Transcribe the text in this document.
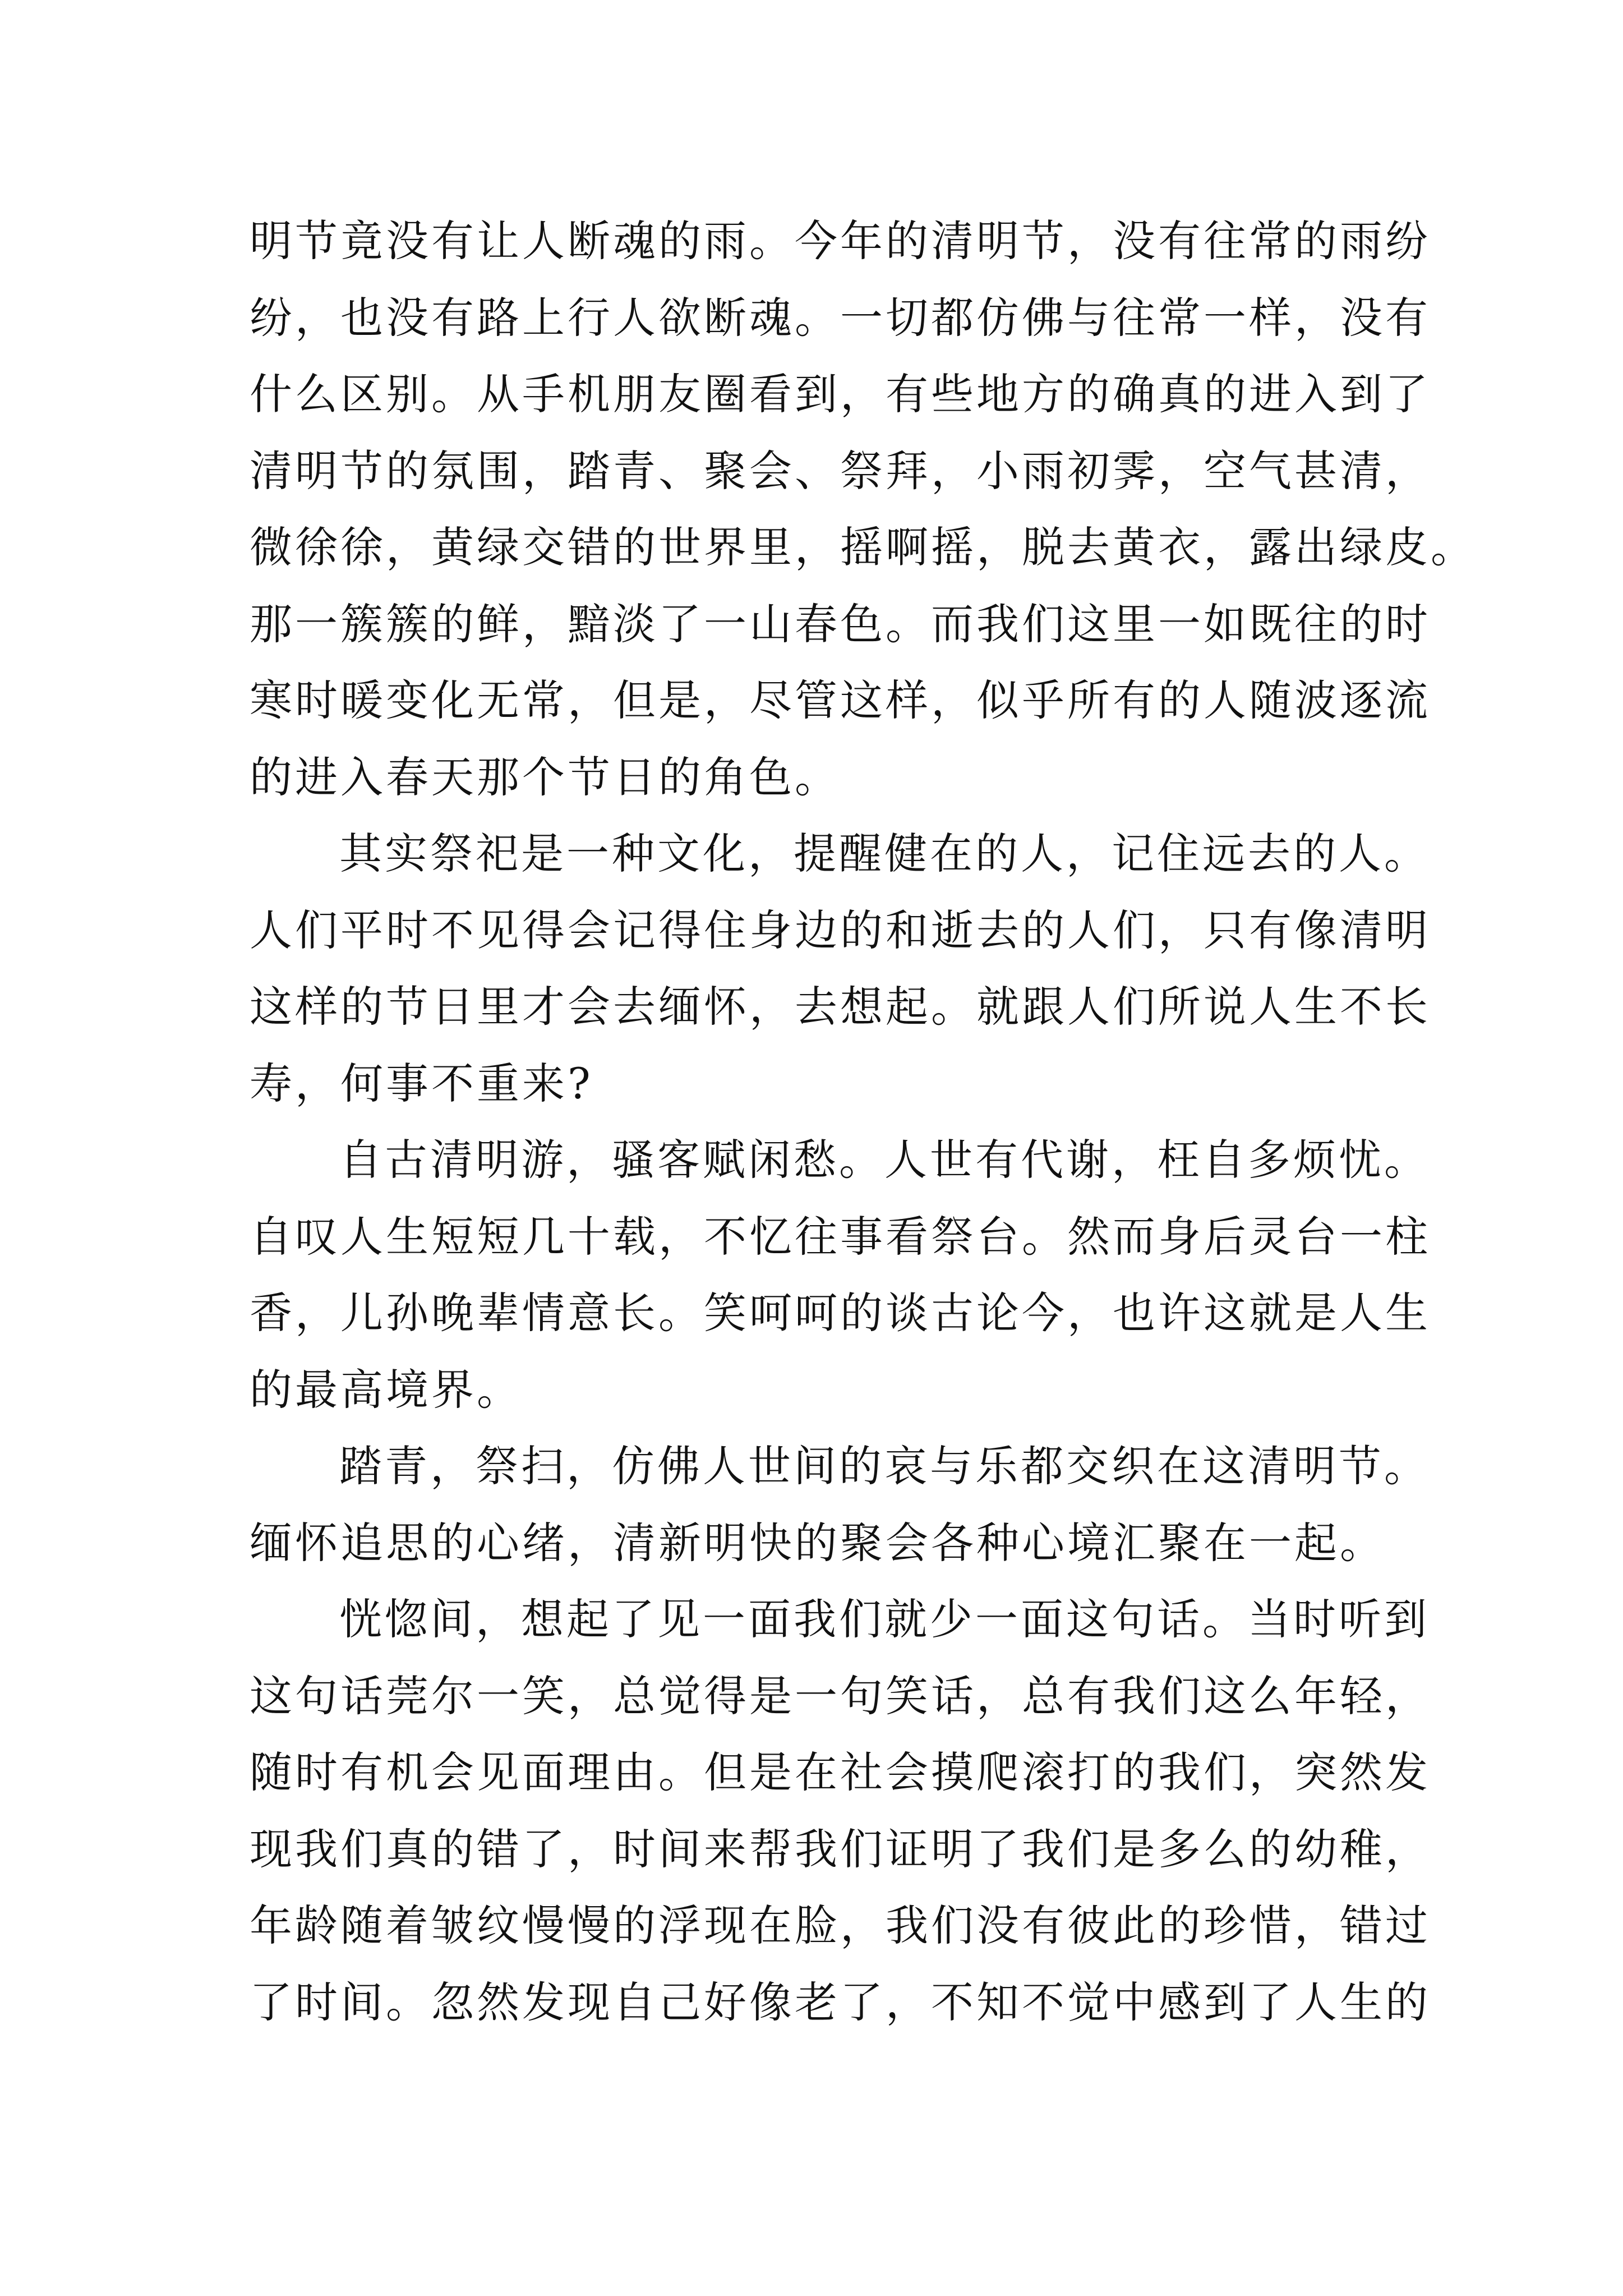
明节竟没有让人断魂的雨。今年的清明节，没有往常的雨纷
纷，也没有路上行人欲断魂。一切都仿佛与往常一样，没有
什么区别。从手机朋友圈看到，有些地方的确真的进入到了
清明节的氛围，踏青、聚会、祭拜，小雨初霁，空气甚清，
微徐徐，黄绿交错的世界里，摇啊摇，脱去黄衣，露出绿皮。
那一簇簇的鲜，黯淡了一山春色。而我们这里一如既往的时
寒时暖变化无常，但是，尽管这样，似乎所有的人随波逐流
的进入春天那个节日的角色。
其实祭祀是一种文化，提醒健在的人，记住远去的人。
人们平时不见得会记得住身边的和逝去的人们，只有像清明
这样的节日里才会去缅怀，去想起。就跟人们所说人生不长
寿，何事不重来?
自古清明游，骚客赋闲愁。人世有代谢，枉自多烦忧。
自叹人生短短几十载，不忆往事看祭台。然而身后灵台一柱
香，儿孙晚辈情意长。笑呵呵的谈古论今，也许这就是人生
的最高境界。
踏青，祭扫，仿佛人世间的哀与乐都交织在这清明节。
缅怀追思的心绪，清新明快的聚会各种心境汇聚在一起。
恍惚间，想起了见一面我们就少一面这句话。当时听到
这句话莞尔一笑，总觉得是一句笑话，总有我们这么年轻，
随时有机会见面理由。但是在社会摸爬滚打的我们，突然发
现我们真的错了，时间来帮我们证明了我们是多么的幼稚，
年龄随着皱纹慢慢的浮现在脸，我们没有彼此的珍惜，错过
了时间。忽然发现自己好像老了，不知不觉中感到了人生的
